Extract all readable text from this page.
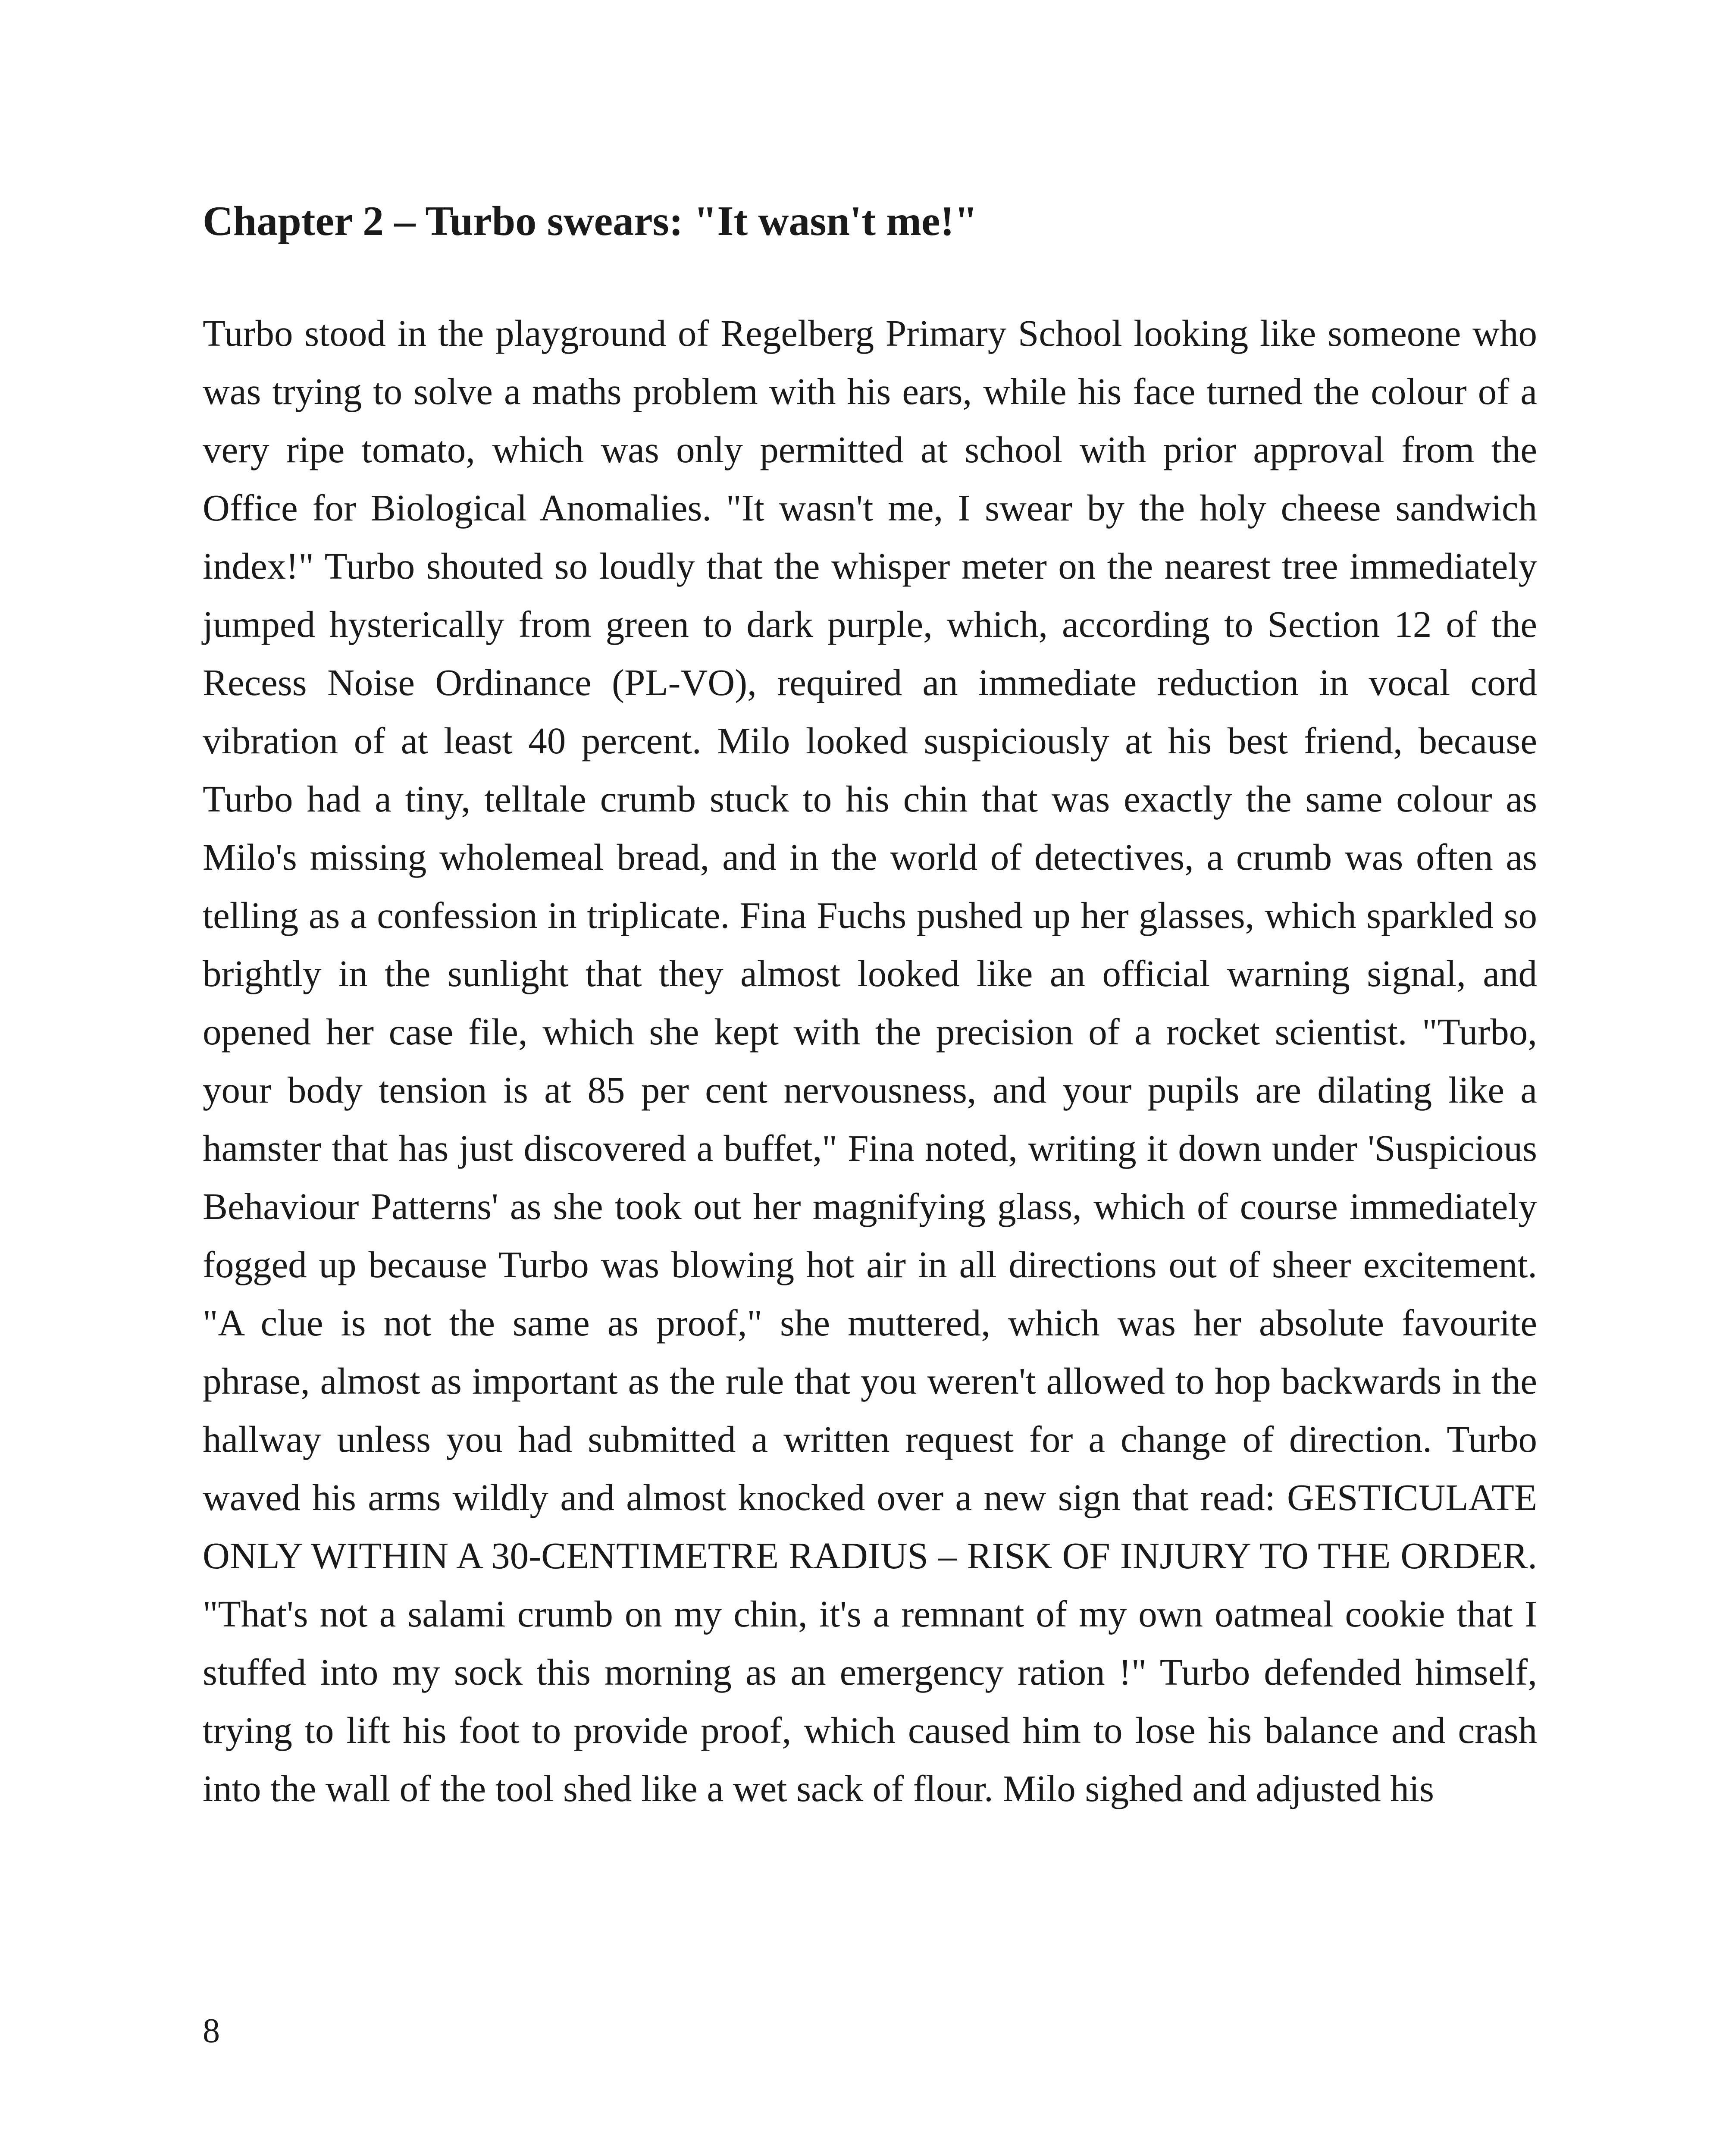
Chapter 2 – Turbo swears: "It wasn't me!"

Turbo stood in the playground of Regelberg Primary School looking like someone who was trying to solve a maths problem with his ears, while his face turned the colour of a very ripe tomato, which was only permitted at school with prior approval from the Office for Biological Anomalies. "It wasn't me, I swear by the holy cheese sandwich index!" Turbo shouted so loudly that the whisper meter on the nearest tree immediately jumped hysterically from green to dark purple, which, according to Section 12 of the Recess Noise Ordinance (PL-VO), required an immediate reduction in vocal cord vibration of at least 40 percent. Milo looked suspiciously at his best friend, because Turbo had a tiny, telltale crumb stuck to his chin that was exactly the same colour as Milo's missing wholemeal bread, and in the world of detectives, a crumb was often as telling as a confession in triplicate. Fina Fuchs pushed up her glasses, which sparkled so brightly in the sunlight that they almost looked like an official warning signal, and opened her case file, which she kept with the precision of a rocket scientist. "Turbo, your body tension is at 85 per cent nervousness, and your pupils are dilating like a hamster that has just discovered a buffet," Fina noted, writing it down under 'Suspicious Behaviour Patterns' as she took out her magnifying glass, which of course immediately fogged up because Turbo was blowing hot air in all directions out of sheer excitement. "A clue is not the same as proof," she muttered, which was her absolute favourite phrase, almost as important as the rule that you weren't allowed to hop backwards in the hallway unless you had submitted a written request for a change of direction. Turbo waved his arms wildly and almost knocked over a new sign that read: GESTICULATE ONLY WITHIN A 30-CENTIMETRE RADIUS – RISK OF INJURY TO THE ORDER. "That's not a salami crumb on my chin, it's a remnant of my own oatmeal cookie that I stuffed into my sock this morning as an emergency ration !" Turbo defended himself, trying to lift his foot to provide proof, which caused him to lose his balance and crash into the wall of the tool shed like a wet sack of flour. Milo sighed and adjusted his

8
